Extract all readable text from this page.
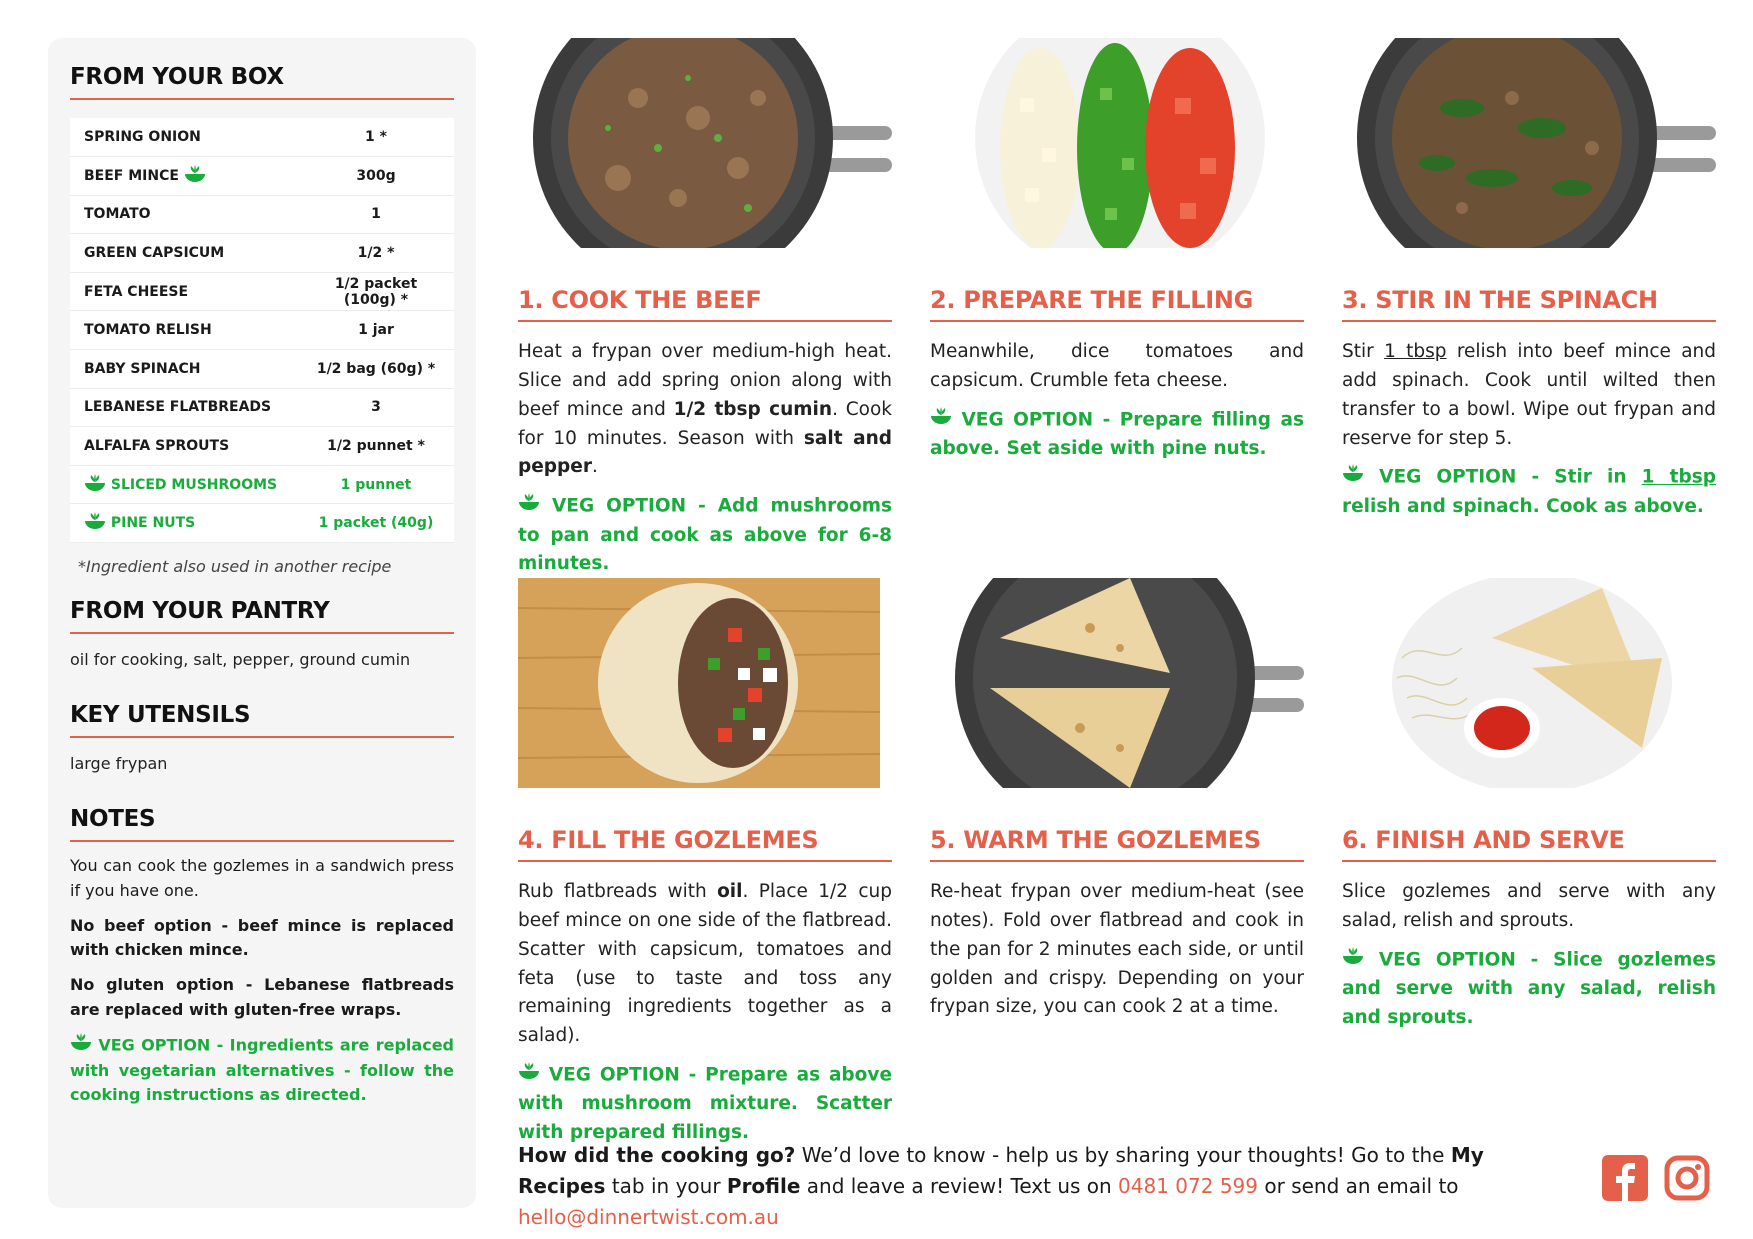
FROM YOUR BOX
SPRING ONION	1 *
BEEF MINCE	300g
TOMATO	1
GREEN CAPSICUM	1/2 *
FETA CHEESE	1/2 packet (100g) *
TOMATO RELISH	1 jar
BABY SPINACH	1/2 bag (60g) *
LEBANESE FLATBREADS	3
ALFALFA SPROUTS	1/2 punnet *
SLICED MUSHROOMS	1 punnet
PINE NUTS	1 packet (40g)
*Ingredient also used in another recipe
FROM YOUR PANTRY
oil for cooking, salt, pepper, ground cumin
KEY UTENSILS
large frypan
NOTES

You can cook the gozlemes in a sandwich press if you have one.

No beef option - beef mince is replaced with chicken mince.

No gluten option - Lebanese flatbreads are replaced with gluten-free wraps.

VEG OPTION - Ingredients are replaced with vegetarian alternatives - follow the cooking instructions as directed.

1. COOK THE BEEF
Heat a frypan over medium-high heat. Slice and add spring onion along with beef mince and 1/2 tbsp cumin. Cook for 10 minutes. Season with salt and pepper.
VEG OPTION - Add mushrooms to pan and cook as above for 6-8 minutes.
2. PREPARE THE FILLING
Meanwhile, dice tomatoes and capsicum. Crumble feta cheese.
VEG OPTION - Prepare filling as above. Set aside with pine nuts.
3. STIR IN THE SPINACH
Stir 1 tbsp relish into beef mince and add spinach. Cook until wilted then transfer to a bowl. Wipe out frypan and reserve for step 5.
VEG OPTION - Stir in 1 tbsp relish and spinach. Cook as above.
4. FILL THE GOZLEMES
Rub flatbreads with oil. Place 1/2 cup beef mince on one side of the flatbread. Scatter with capsicum, tomatoes and feta (use to taste and toss any remaining ingredients together as a salad).
VEG OPTION - Prepare as above with mushroom mixture. Scatter with prepared fillings.
5. WARM THE GOZLEMES
Re-heat frypan over medium-heat (see notes). Fold over flatbread and cook in the pan for 2 minutes each side, or until golden and crispy. Depending on your frypan size, you can cook 2 at a time.
6. FINISH AND SERVE
Slice gozlemes and serve with any salad, relish and sprouts.
VEG OPTION - Slice gozlemes and serve with any salad, relish and sprouts.
How did the cooking go? We’d love to know - help us by sharing your thoughts! Go to the My Recipes tab in your Profile and leave a review! Text us on 0481 072 599 or send an email to hello@dinnertwist.com.au
